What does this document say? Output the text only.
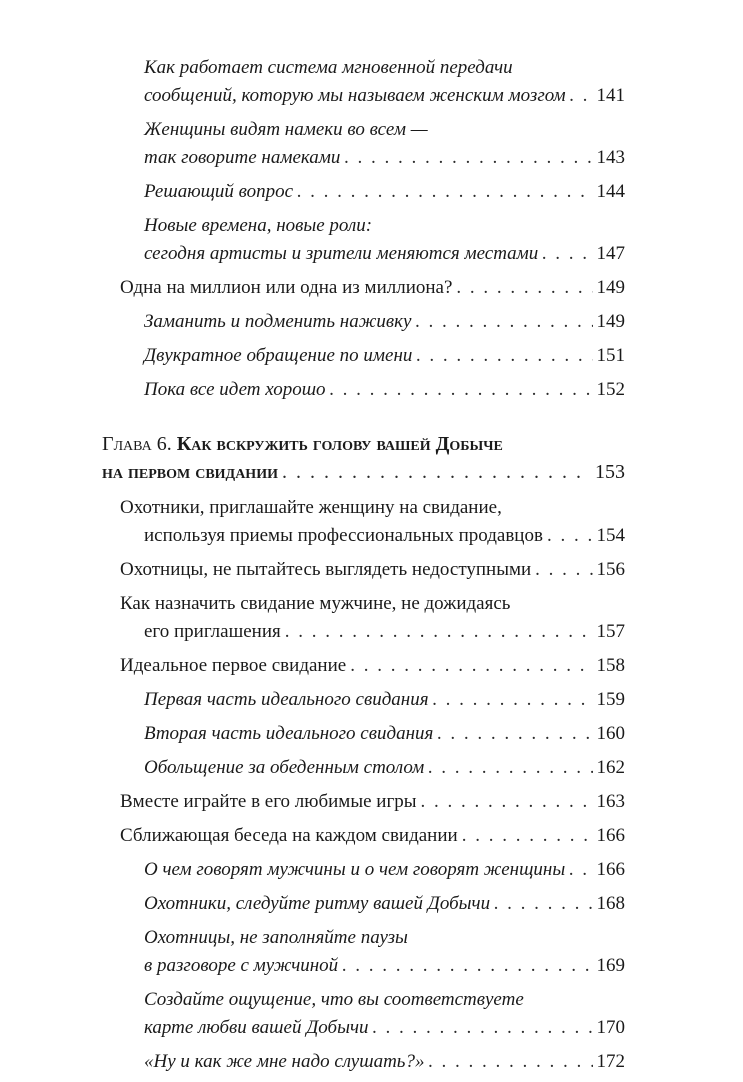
Как работает система мгновенной передачи
сообщений, которую мы называем женским мозгом . . . 141
Женщины видят намеки во всем —
так говорите намеками . . .	143
Решающий вопрос . . .	144
Новые времена, новые роли:
сегодня артисты и зрители меняются местами . . .	147
Одна на миллион или одна из миллиона? . . .	149
Заманить и подменить наживку . . .	149
Двукратное обращение по имени . . .	151
Пока все идет хорошо . . .	152
Глава 6. Как вскружить голову вашей Добыче
на первом свидании . . .	153
Охотники, приглашайте женщину на свидание,
используя приемы профессиональных продавцов . . .	154
Охотницы, не пытайтесь выглядеть недоступными . . .	156
Как назначить свидание мужчине, не дожидаясь
его приглашения . . .	157
Идеальное первое свидание . . .	158
Первая часть идеального свидания . . .	159
Вторая часть идеального свидания . . .	160
Обольщение за обеденным столом . . .	162
Вместе играйте в его любимые игры . . .	163
Сближающая беседа на каждом свидании . . .	166
О чем говорят мужчины и о чем говорят женщины . . . 166
Охотники, следуйте ритму вашей Добычи . . .	168
Охотницы, не заполняйте паузы
в разговоре с мужчиной . . .	169
Создайте ощущение, что вы соответствуете
карте любви вашей Добычи . . .	170
«Ну и как же мне надо слушать?» . . .	172
